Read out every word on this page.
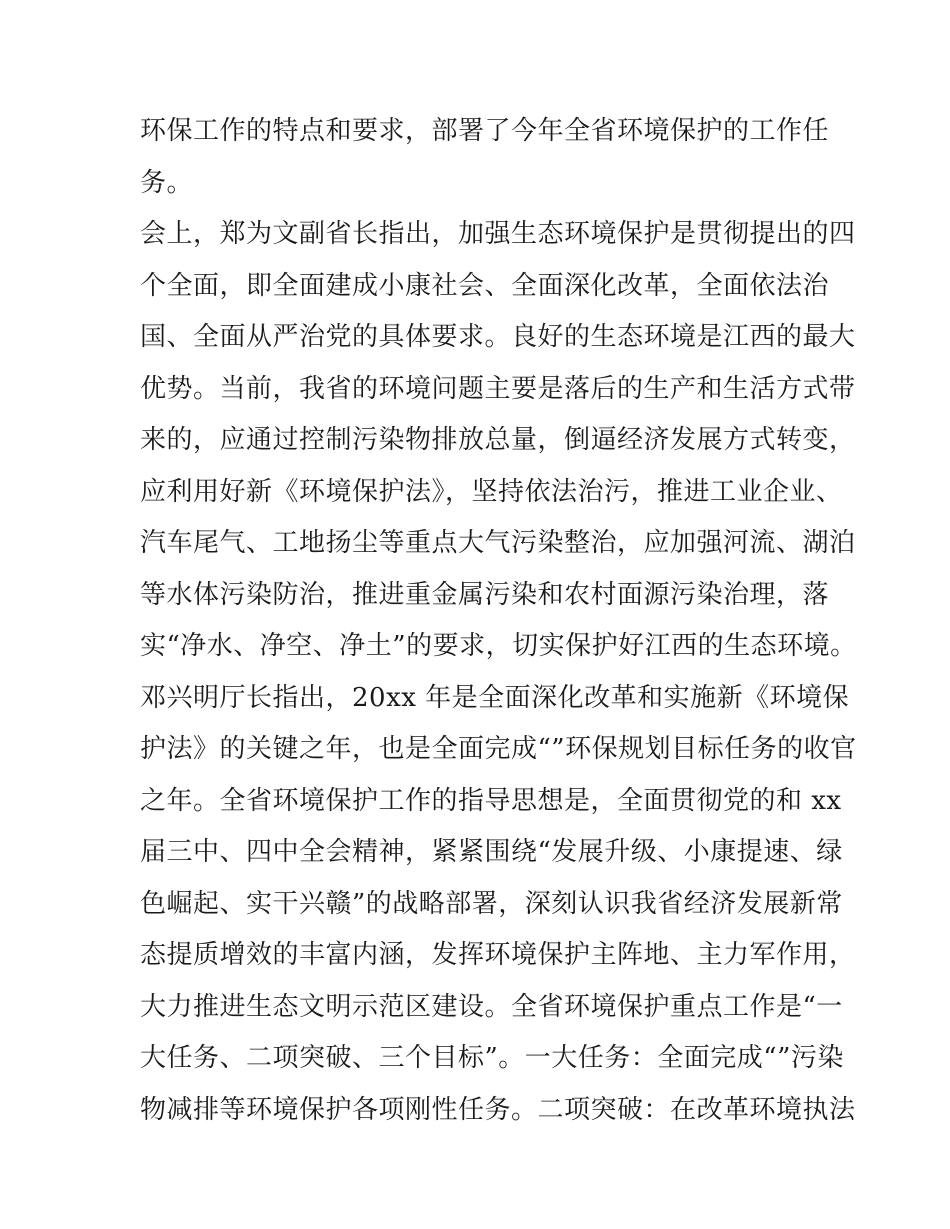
环保工作的特点和要求，部署了今年全省环境保护的工作任
务。
会上，郑为文副省长指出，加强生态环境保护是贯彻提出的四
个全面，即全面建成小康社会、全面深化改革，全面依法治
国、全面从严治党的具体要求。良好的生态环境是江西的最大
优势。当前，我省的环境问题主要是落后的生产和生活方式带
来的，应通过控制污染物排放总量，倒逼经济发展方式转变，
应利用好新《环境保护法》，坚持依法治污，推进工业企业、
汽车尾气、工地扬尘等重点大气污染整治，应加强河流、湖泊
等水体污染防治，推进重金属污染和农村面源污染治理，落
实“净水、净空、净土”的要求，切实保护好江西的生态环境。
邓兴明厅长指出，20xx 年是全面深化改革和实施新《环境保
护法》的关键之年，也是全面完成“”环保规划目标任务的收官
之年。全省环境保护工作的指导思想是，全面贯彻党的和 xx
届三中、四中全会精神，紧紧围绕“发展升级、小康提速、绿
色崛起、实干兴赣”的战略部署，深刻认识我省经济发展新常
态提质增效的丰富内涵，发挥环境保护主阵地、主力军作用，
大力推进生态文明示范区建设。全省环境保护重点工作是“一
大任务、二项突破、三个目标”。一大任务：全面完成“”污染
物减排等环境保护各项刚性任务。二项突破：在改革环境执法
